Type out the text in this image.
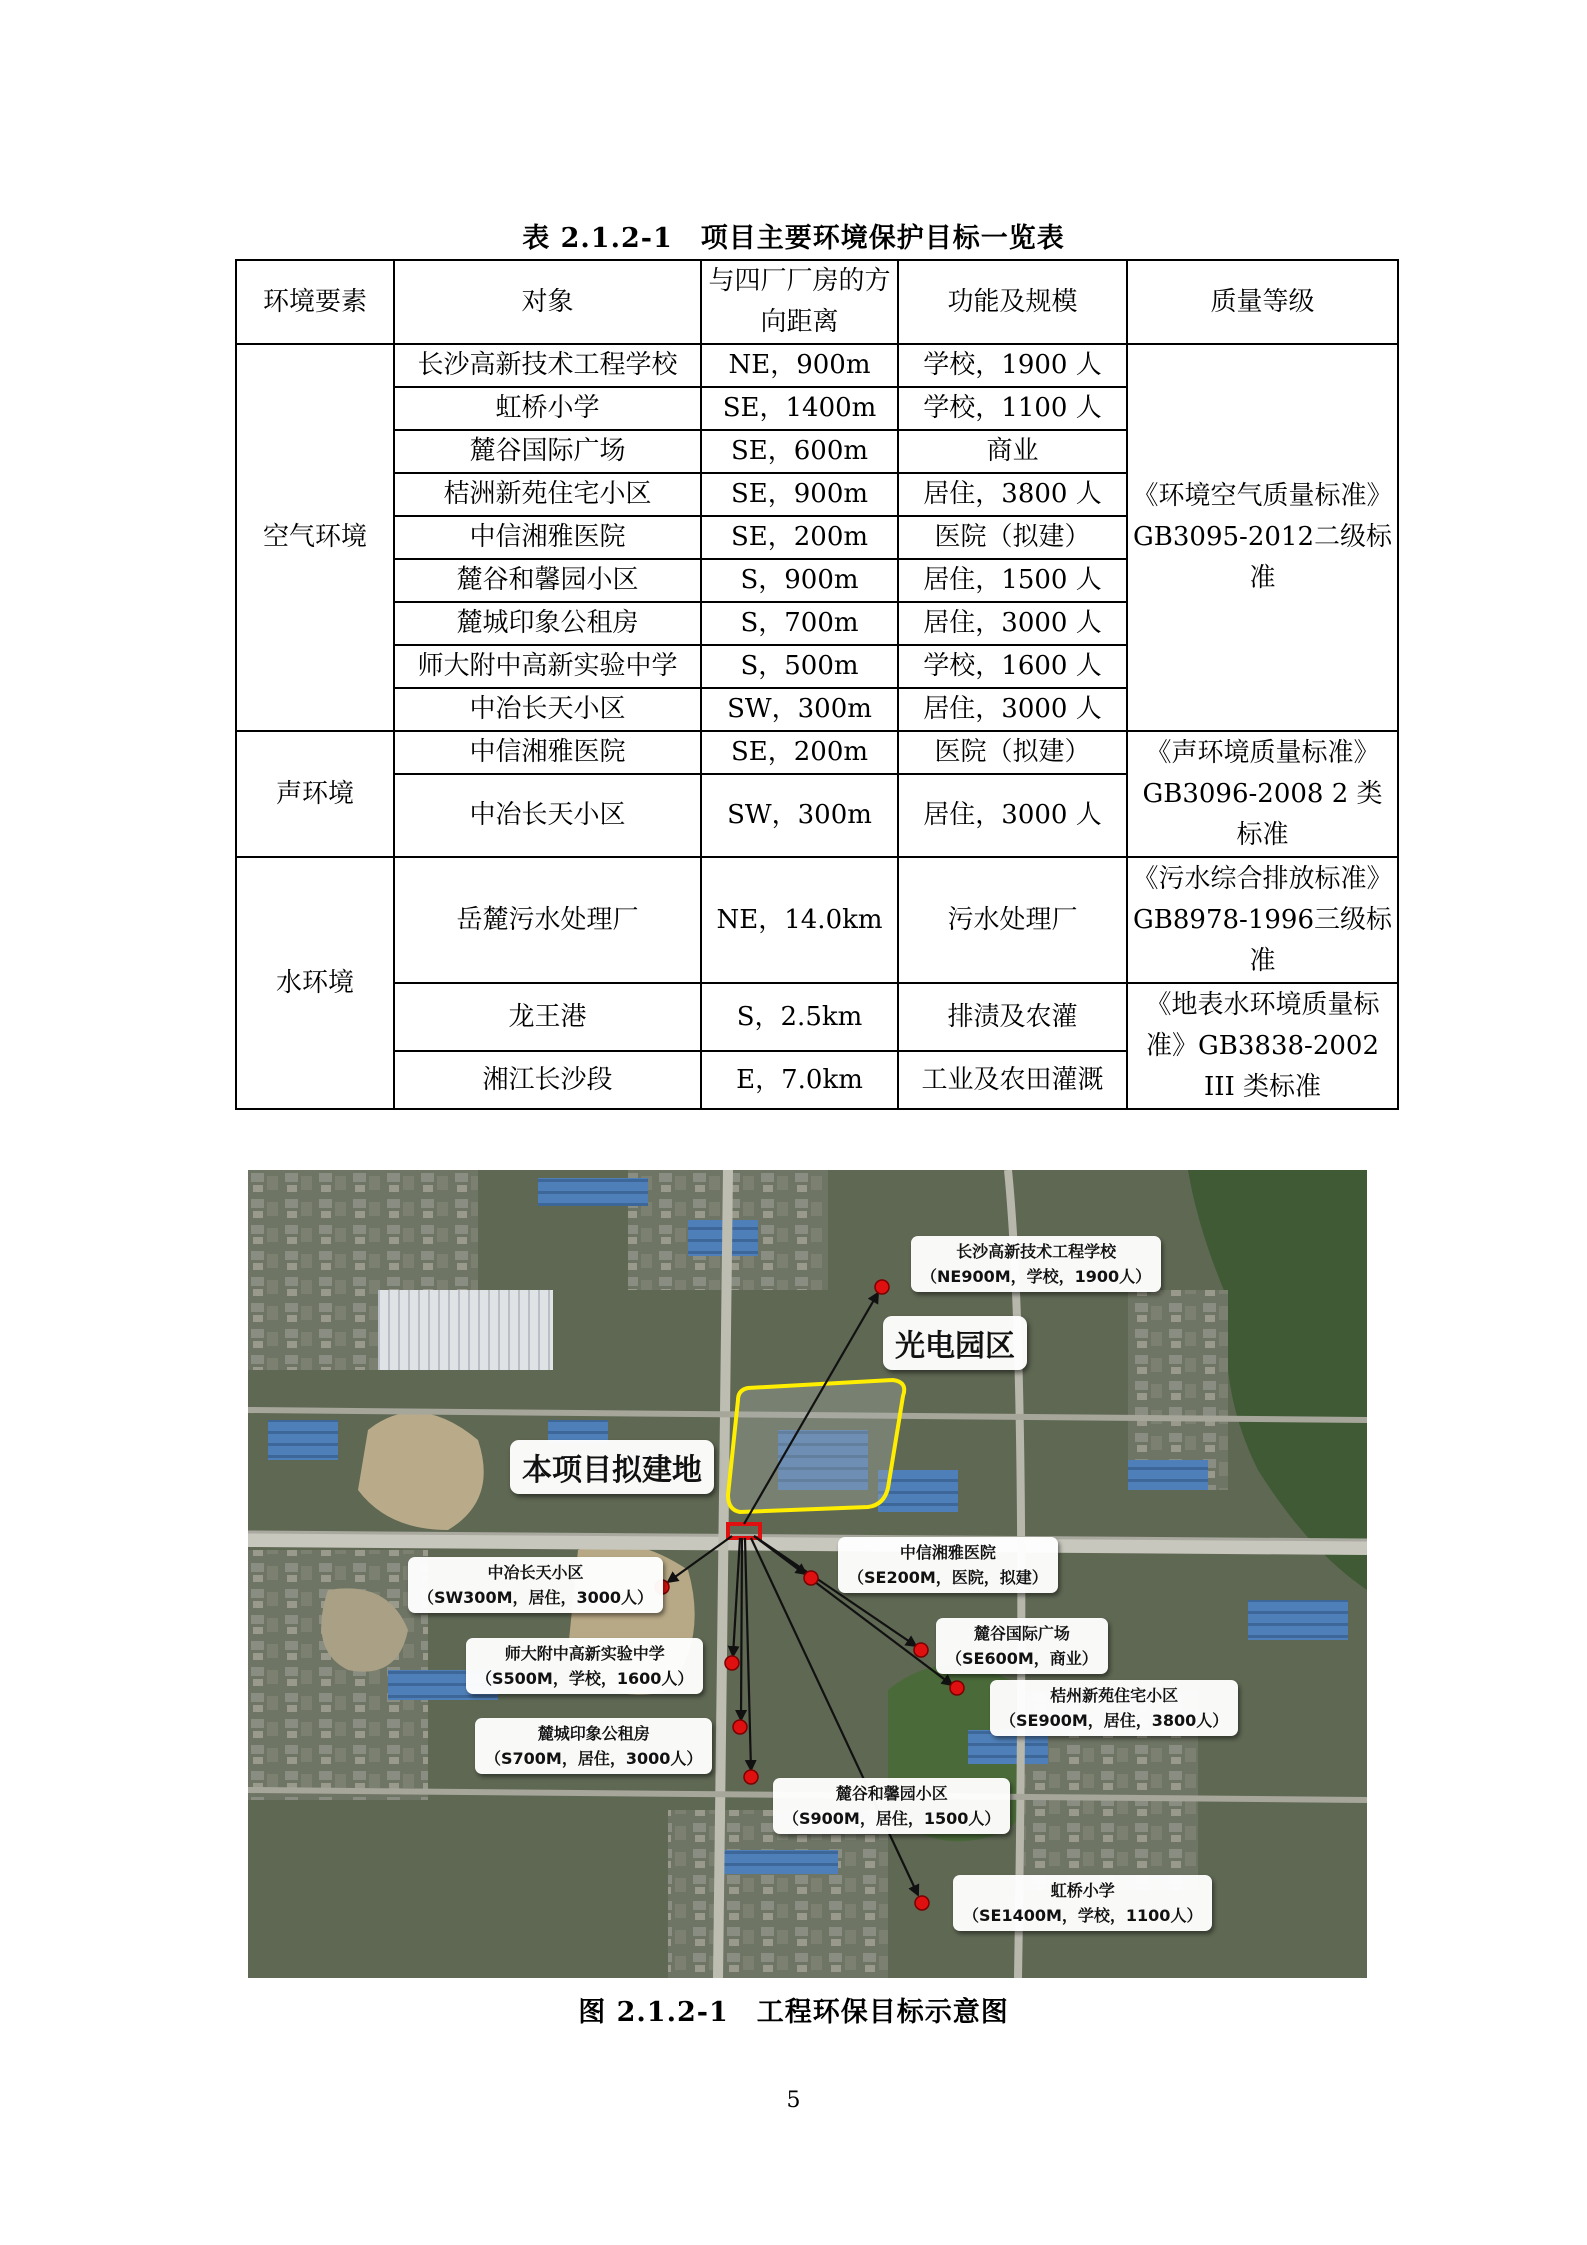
表 2.1.2-1　项目主要环境保护目标一览表
环境要素	对象	与四厂厂房的方向距离	功能及规模	质量等级
空气环境	长沙高新技术工程学校	NE，900m	学校，1900 人	《环境空气质量标准》GB3095-2012二级标准
	虹桥小学	SE，1400m	学校，1100 人	
	麓谷国际广场	SE，600m	商业	
	桔洲新苑住宅小区	SE，900m	居住，3800 人	
	中信湘雅医院	SE，200m	医院（拟建）	
	麓谷和馨园小区	S，900m	居住，1500 人	
	麓城印象公租房	S，700m	居住，3000 人	
	师大附中高新实验中学	S，500m	学校，1600 人	
	中冶长天小区	SW，300m	居住，3000 人	
声环境	中信湘雅医院	SE，200m	医院（拟建）	《声环境质量标准》GB3096-2008 2 类标准
	中冶长天小区	SW，300m	居住，3000 人	
水环境	岳麓污水处理厂	NE，14.0km	污水处理厂	《污水综合排放标准》GB8978-1996三级标准
	龙王港	S，2.5km	排渍及农灌	《地表水环境质量标准》GB3838-2002 III 类标准
	湘江长沙段	E，7.0km	工业及农田灌溉	
本项目拟建地
光电园区
长沙高新技术工程学校
（NE900M，学校，1900人）
中信湘雅医院
（SE200M，医院，拟建）
中冶长天小区
（SW300M，居住，3000人）
麓谷国际广场
（SE600M，商业）
师大附中高新实验中学
（S500M，学校，1600人）
桔州新苑住宅小区
（SE900M，居住，3800人）
麓城印象公租房
（S700M，居住，3000人）
麓谷和馨园小区
（S900M，居住，1500人）
虹桥小学
（SE1400M，学校，1100人）
图 2.1.2-1　工程环保目标示意图
5
